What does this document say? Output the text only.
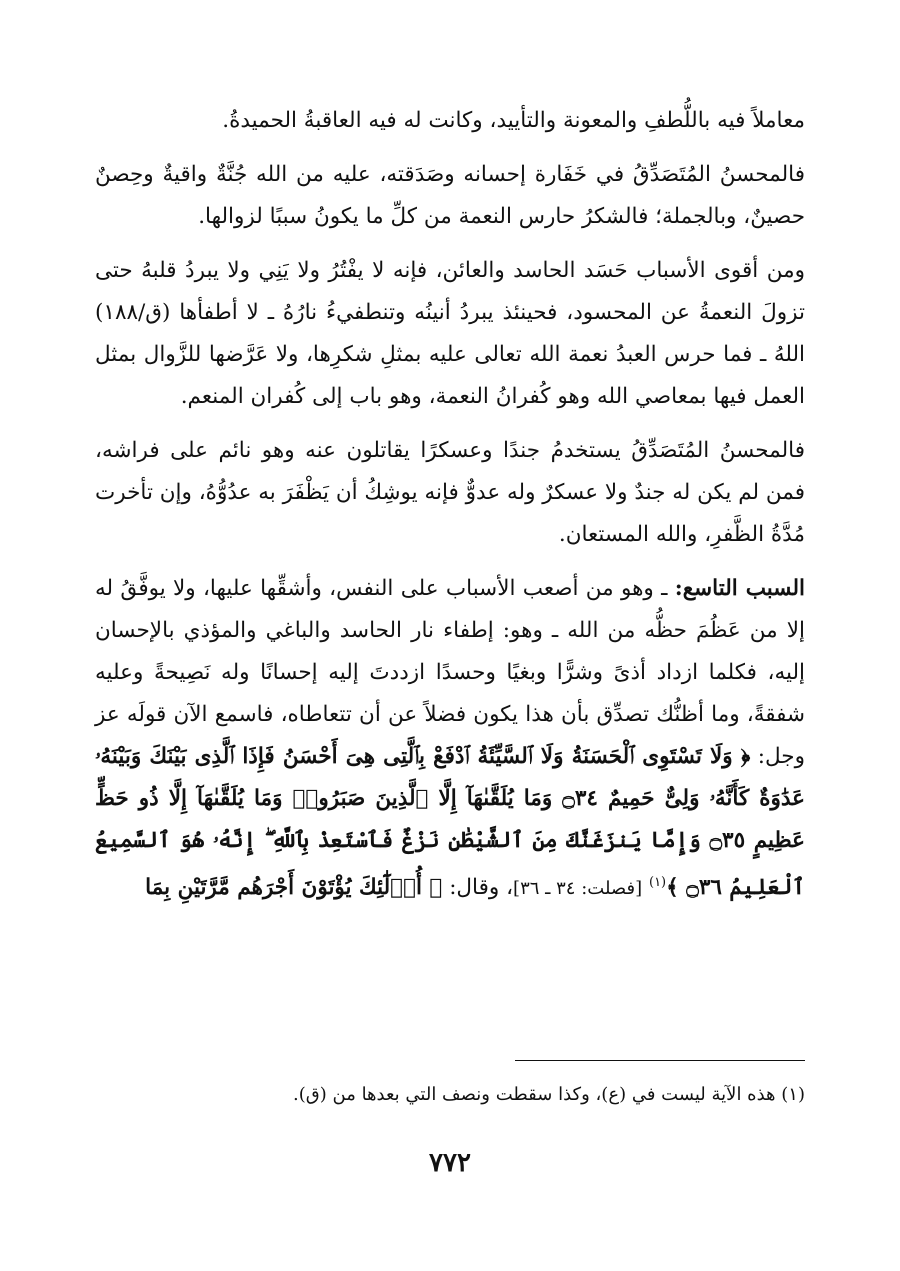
معاملاً فيه باللُّطفِ والمعونة والتأييد، وكانت له فيه العاقبةُ الحميدةُ.

فالمحسنُ المُتَصَدِّقُ في خَفَارة إحسانه وصَدَقته، عليه من الله جُنَّةٌ واقيةٌ وحِصنٌ حصينٌ، وبالجملة؛ فالشكرُ حارس النعمة من كلِّ ما يكونُ سببًا لزوالها.

ومن أقوى الأسباب حَسَد الحاسد والعائن، فإنه لا يفْتُرُ ولا يَنِي ولا يبردُ قلبهُ حتى تزولَ النعمةُ عن المحسود، فحينئذ يبردُ أنينُه وتنطفيءُ نارُهُ ـ لا أطفأها (ق/١٨٨) اللهُ ـ فما حرس العبدُ نعمة الله تعالى عليه بمثلِ شكرِها، ولا عَرَّضها للزَّوال بمثل العمل فيها بمعاصي الله وهو كُفرانُ النعمة، وهو باب إلى كُفران المنعم.

فالمحسنُ المُتَصَدِّقُ يستخدمُ جندًا وعسكرًا يقاتلون عنه وهو نائم على فراشه، فمن لم يكن له جندٌ ولا عسكرٌ وله عدوٌّ فإنه يوشِكُ أن يَظْفَرَ به عدُوُّهُ، وإن تأخرت مُدَّةُ الظَّفرِ، والله المستعان.

السبب التاسع: ـ وهو من أصعب الأسباب على النفس، وأشقِّها عليها، ولا يوفَّقُ له إلا من عَظُمَ حظُّه من الله ـ وهو: إطفاء نار الحاسد والباغي والمؤذي بالإحسان إليه، فكلما ازداد أذىً وشرًّا وبغيًا وحسدًا ازددتَ إليه إحسانًا وله نَصِيحةً وعليه شفقةً، وما أظنُّك تصدِّق بأن هذا يكون فضلاً عن أن تتعاطاه، فاسمع الآن قولَه عز وجل: ﴿ وَلَا تَسْتَوِى ٱلْحَسَنَةُ وَلَا ٱلسَّيِّئَةُ ٱدْفَعْ بِٱلَّتِى هِىَ أَحْسَنُ فَإِذَا ٱلَّذِى بَيْنَكَ وَبَيْنَهُۥ عَدَٰوَةٌ كَأَنَّهُۥ وَلِىٌّ حَمِيمٌ ۝٣٤ وَمَا يُلَقَّىٰهَآ إِلَّا ٱلَّذِينَ صَبَرُوا۟ وَمَا يُلَقَّىٰهَآ إِلَّا ذُو حَظٍّ عَظِيمٍ ۝٣٥ وَإِمَّا يَنزَغَنَّكَ مِنَ ٱلشَّيْطَٰنِ نَزْغٌ فَٱسْتَعِذْ بِٱللَّهِ ۖ إِنَّهُۥ هُوَ ٱلسَّمِيعُ ٱلْعَلِيمُ ۝٣٦ ﴾$^{(١)}$ [فصلت: ٣٤ ـ ٣٦]، وقال: ﴿ أُو۟لَٰٓئِكَ يُؤْتَوْنَ أَجْرَهُم مَّرَّتَيْنِ بِمَا

(١) هذه الآية ليست في (ع)، وكذا سقطت ونصف التي بعدها من (ق).
٧٧٢
